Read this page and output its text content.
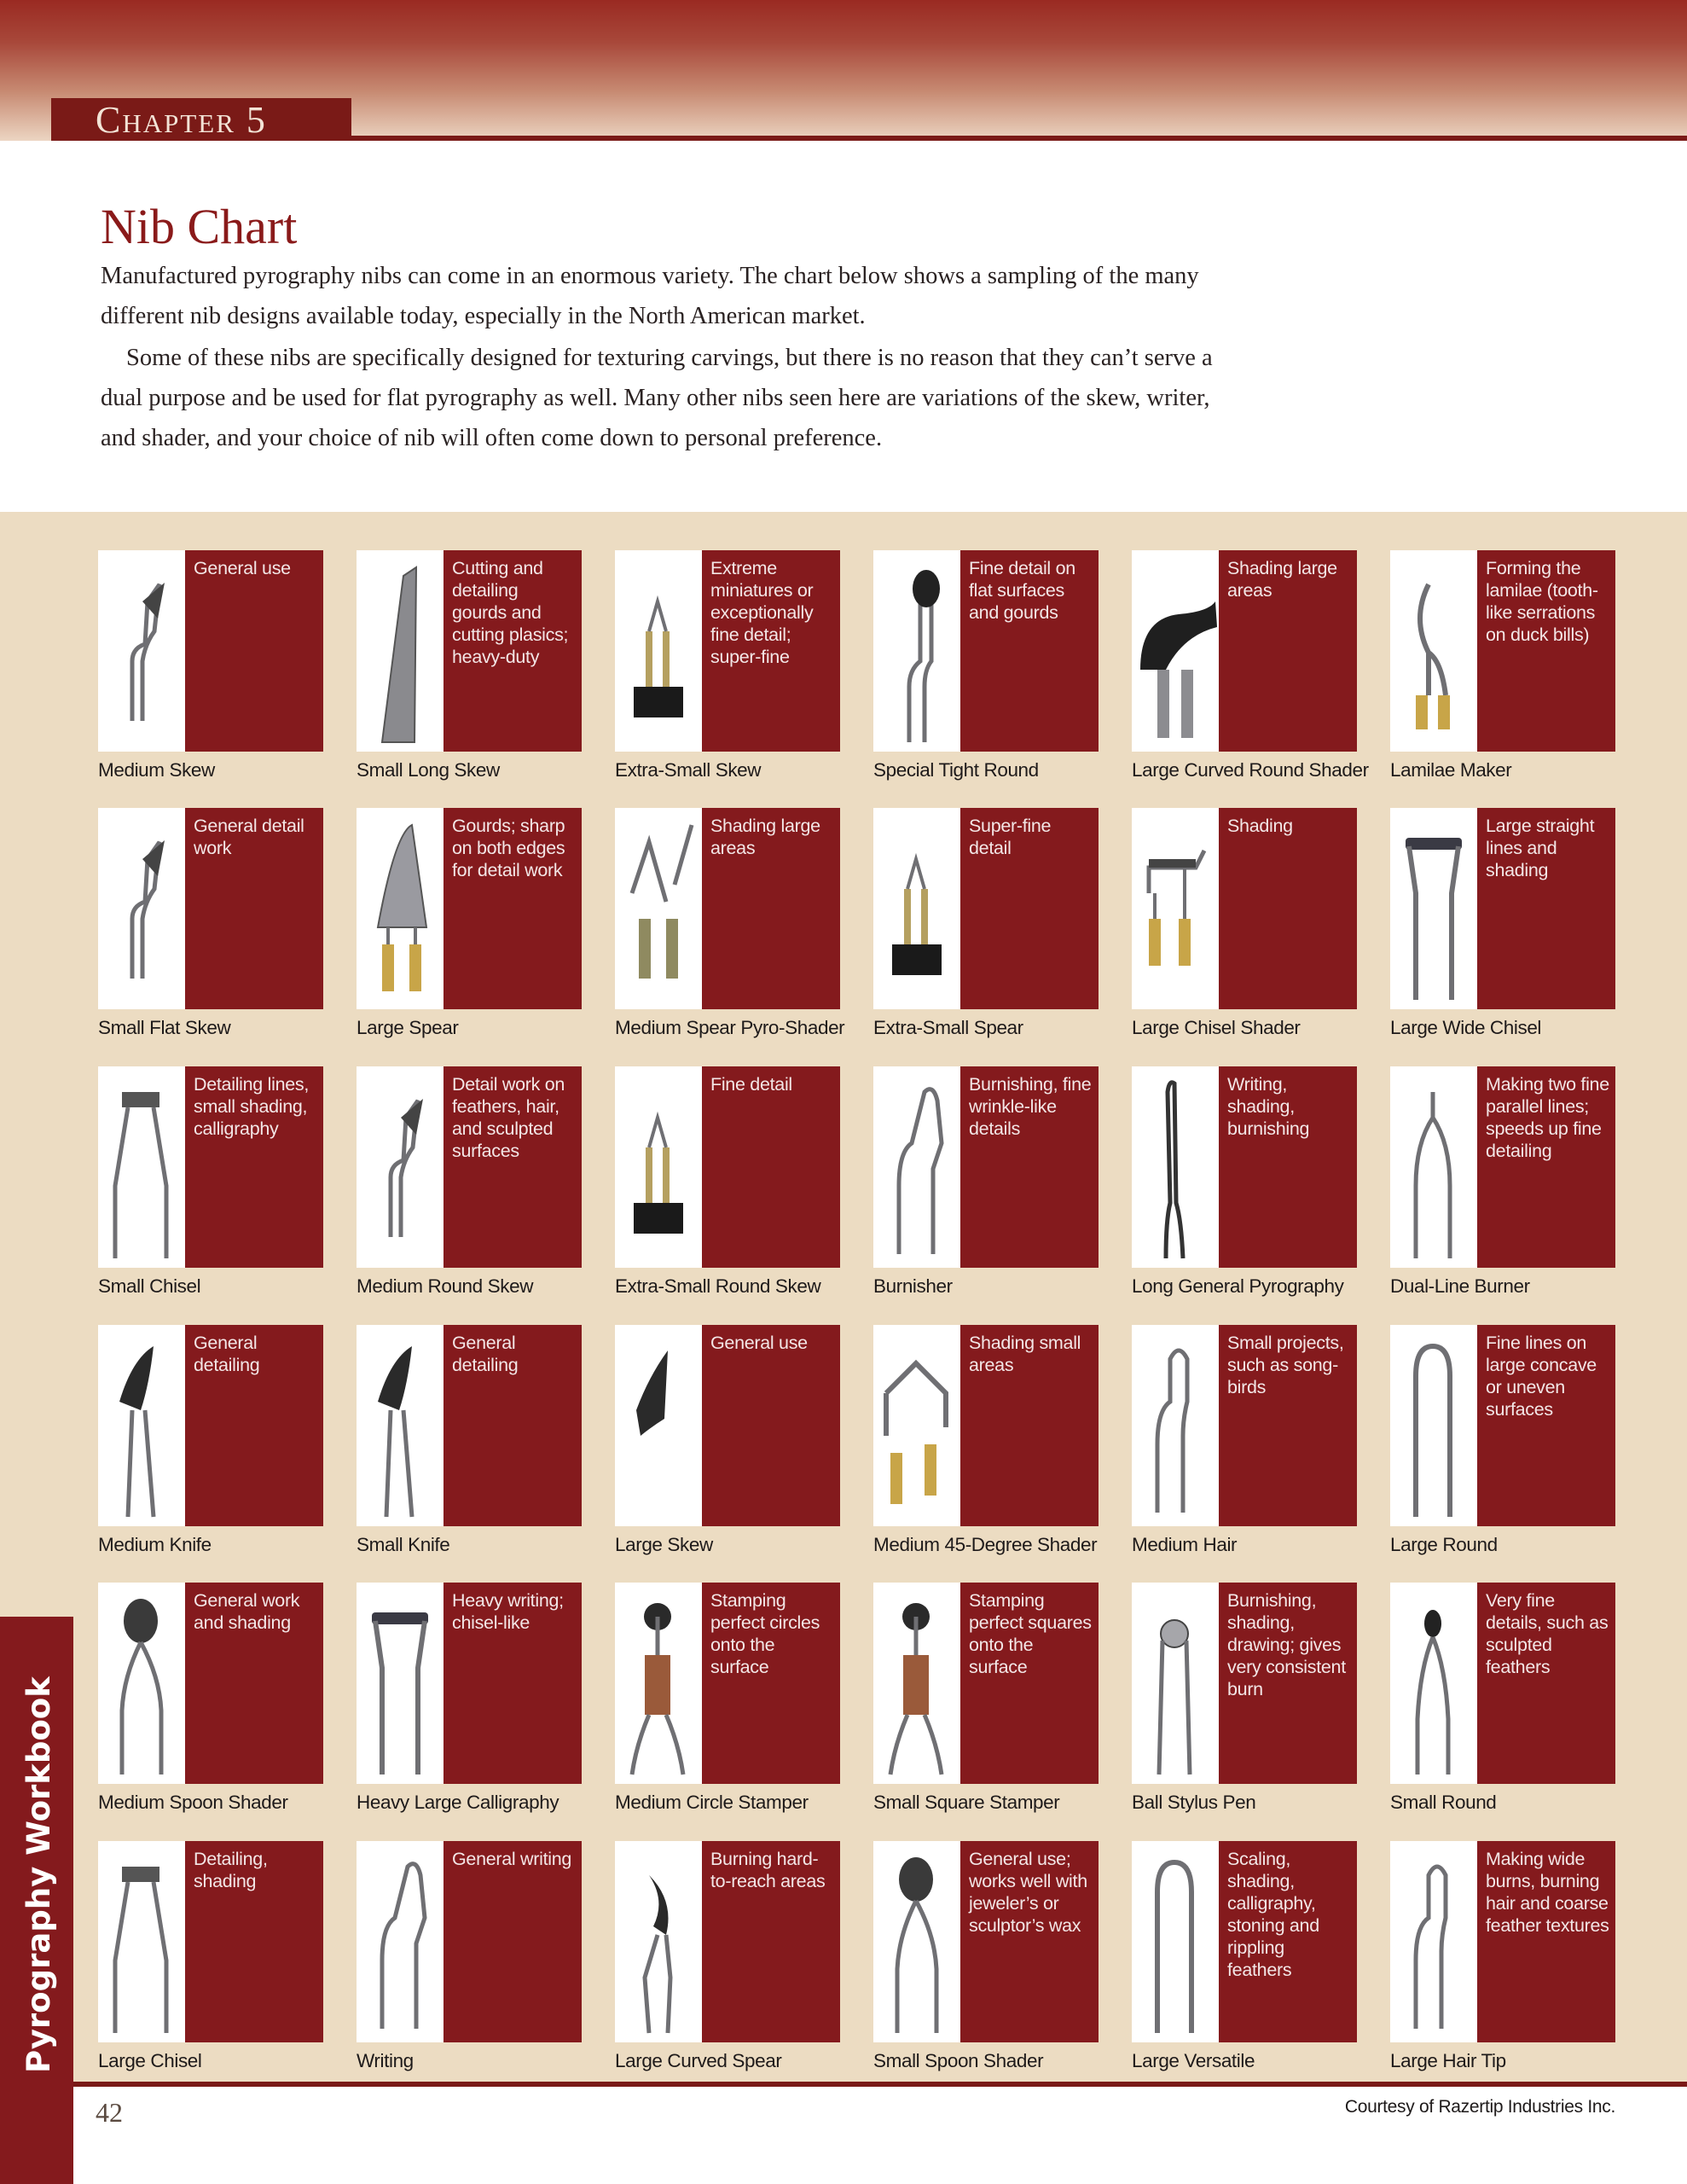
Chapter 5
Nib Chart

Manufactured pyrography nibs can come in an enormous variety. The chart below shows a sampling of the many different nib designs available today, especially in the North American market.

Some of these nibs are specifically designed for texturing carvings, but there is no reason that they can’t serve a dual purpose and be used for flat pyrography as well. Many other nibs seen here are variations of the skew, writer, and shader, and your choice of nib will often come down to personal preference.

General use
Medium Skew
Cutting and detailing gourds and cutting plasics; heavy-duty
Small Long Skew
Extreme miniatures or exceptionally fine detail; super-fine
Extra-Small Skew
Fine detail on flat surfaces and gourds
Special Tight Round
Shading large areas
Large Curved Round Shader
Forming the lamilae (tooth-like serrations on duck bills)
Lamilae Maker
General detail work
Small Flat Skew
Gourds; sharp on both edges for detail work
Large Spear
Shading large areas
Medium Spear Pyro-Shader
Super-fine detail
Extra-Small Spear
Shading
Large Chisel Shader
Large straight lines and shading
Large Wide Chisel
Detailing lines, small shading, calligraphy
Small Chisel
Detail work on feathers, hair, and sculpted surfaces
Medium Round Skew
Fine detail
Extra-Small Round Skew
Burnishing, fine wrinkle-like details
Burnisher
Writing, shading, burnishing
Long General Pyrography
Making two fine parallel lines; speeds up fine detailing
Dual-Line Burner
General detailing
Medium Knife
General detailing
Small Knife
General use
Large Skew
Shading small areas
Medium 45-Degree Shader
Small projects, such as song-birds
Medium Hair
Fine lines on large concave or uneven surfaces
Large Round
General work and shading
Medium Spoon Shader
Heavy writing; chisel-like
Heavy Large Calligraphy
Stamping perfect circles onto the surface
Medium Circle Stamper
Stamping perfect squares onto the surface
Small Square Stamper
Burnishing, shading, drawing; gives very consistent burn
Ball Stylus Pen
Very fine details, such as sculpted feathers
Small Round
Detailing, shading
Large Chisel
General writing
Writing
Burning hard-to-reach areas
Large Curved Spear
General use; works well with jeweler’s or sculptor’s wax
Small Spoon Shader
Scaling, shading, calligraphy, stoning and rippling feathers
Large Versatile
Making wide burns, burning hair and coarse feather textures
Large Hair Tip
Pyrography Workbook
42	Courtesy of Razertip Industries Inc.
